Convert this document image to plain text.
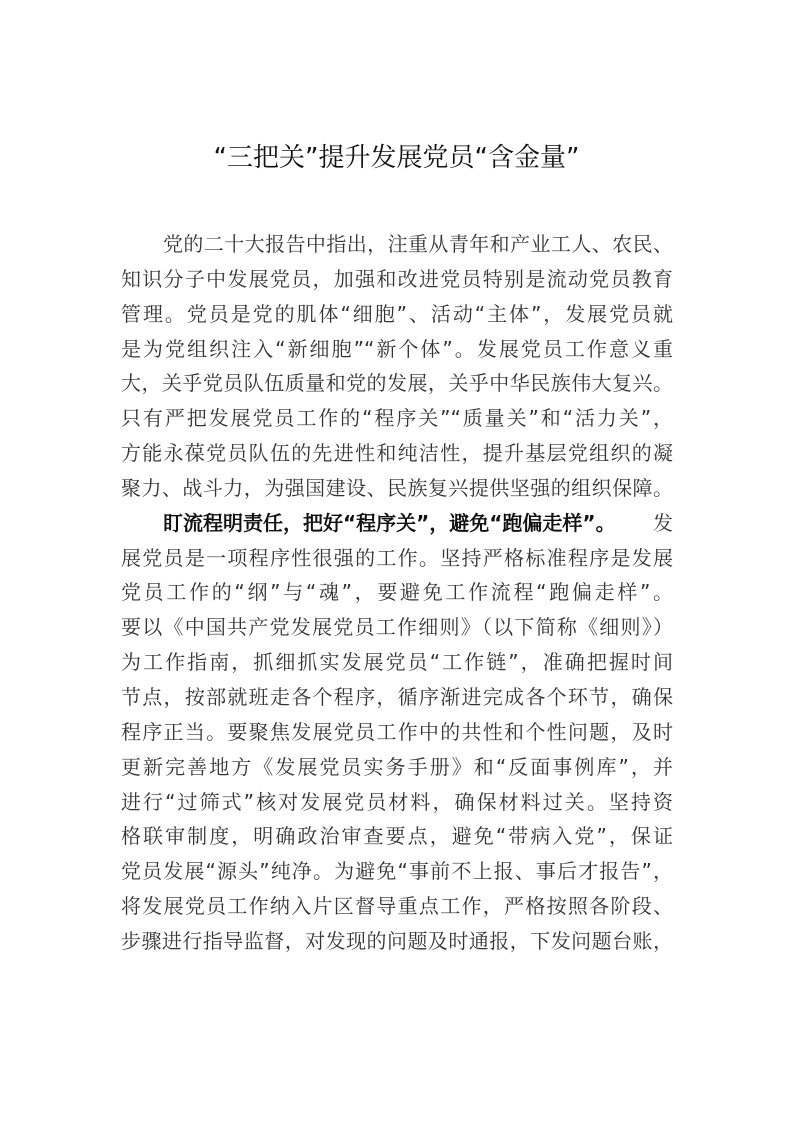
“三把关”提升发展党员“含金量”
党的二十大报告中指出，注重从青年和产业工人、农民、
知识分子中发展党员，加强和改进党员特别是流动党员教育
管理。党员是党的肌体“细胞”、活动“主体”，发展党员就
是为党组织注入“新细胞”“新个体”。发展党员工作意义重
大，关乎党员队伍质量和党的发展，关乎中华民族伟大复兴。
只有严把发展党员工作的“程序关”“质量关”和“活力关”，
方能永葆党员队伍的先进性和纯洁性，提升基层党组织的凝
聚力、战斗力，为强国建设、民族复兴提供坚强的组织保障。
盯流程明责任，把好“程序关”，避免“跑偏走样”。 发
展党员是一项程序性很强的工作。坚持严格标准程序是发展
党员工作的“纲”与“魂”，要避免工作流程“跑偏走样”。
要以《中国共产党发展党员工作细则》（以下简称《细则》）
为工作指南，抓细抓实发展党员“工作链”，准确把握时间
节点，按部就班走各个程序，循序渐进完成各个环节，确保
程序正当。要聚焦发展党员工作中的共性和个性问题，及时
更新完善地方《发展党员实务手册》和“反面事例库”，并
进行“过筛式”核对发展党员材料，确保材料过关。坚持资
格联审制度，明确政治审查要点，避免“带病入党”，保证
党员发展“源头”纯净。为避免“事前不上报、事后才报告”，
将发展党员工作纳入片区督导重点工作，严格按照各阶段、
步骤进行指导监督，对发现的问题及时通报，下发问题台账，
